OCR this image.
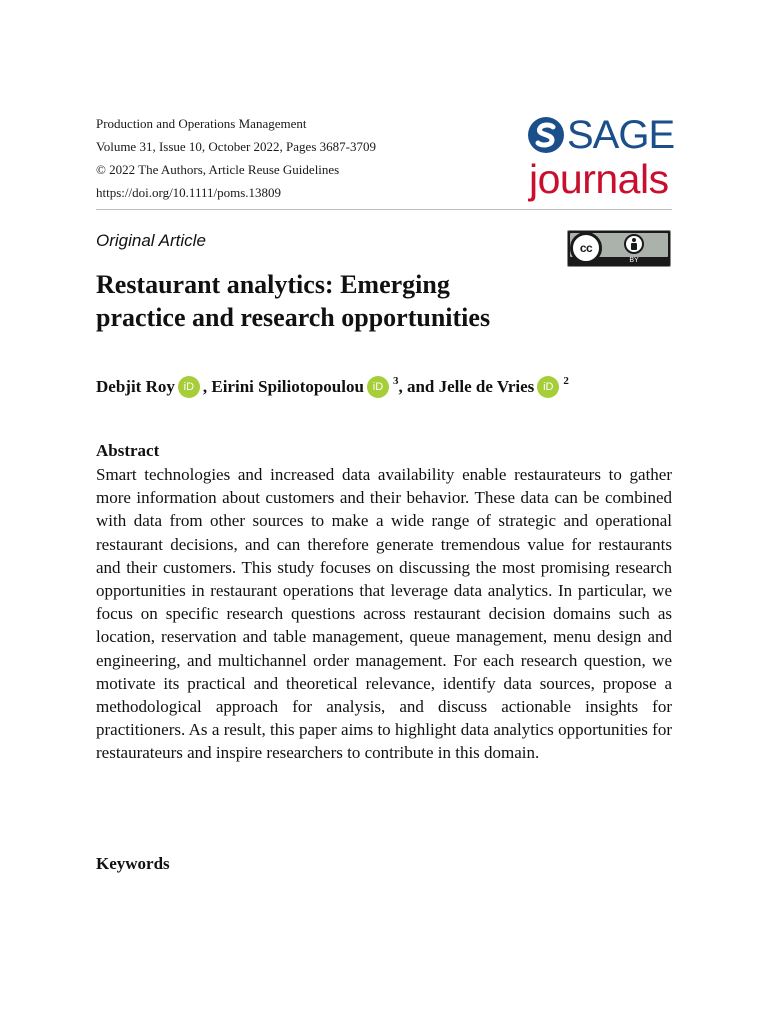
Production and Operations Management
Volume 31, Issue 10, October 2022, Pages 3687-3709
© 2022 The Authors, Article Reuse Guidelines
https://doi.org/10.1111/poms.13809
SAGE
journals
Original Article	cc
BY
Restaurant analytics: Emerging practice and research opportunities
Debjit Roy iD , Eirini Spiliotopoulou iD $^3$ , and Jelle de Vries iD $^2$
Abstract

Smart technologies and increased data availability enable restaurateurs to gather more information about customers and their behavior. These data can be combined with data from other sources to make a wide range of strategic and operational restaurant decisions, and can therefore generate tremendous value for restaurants and their customers. This study focuses on discussing the most promising research opportunities in restaurant operations that leverage data analytics. In particular, we focus on specific research questions across restaurant decision domains such as location, reservation and table management, queue management, menu design and engineering, and multichannel order management. For each research question, we motivate its practical and theoretical relevance, identify data sources, propose a methodological approach for analysis, and discuss actionable insights for practitioners. As a result, this paper aims to highlight data analytics opportunities for restaurateurs and inspire researchers to contribute in this domain.

Keywords
